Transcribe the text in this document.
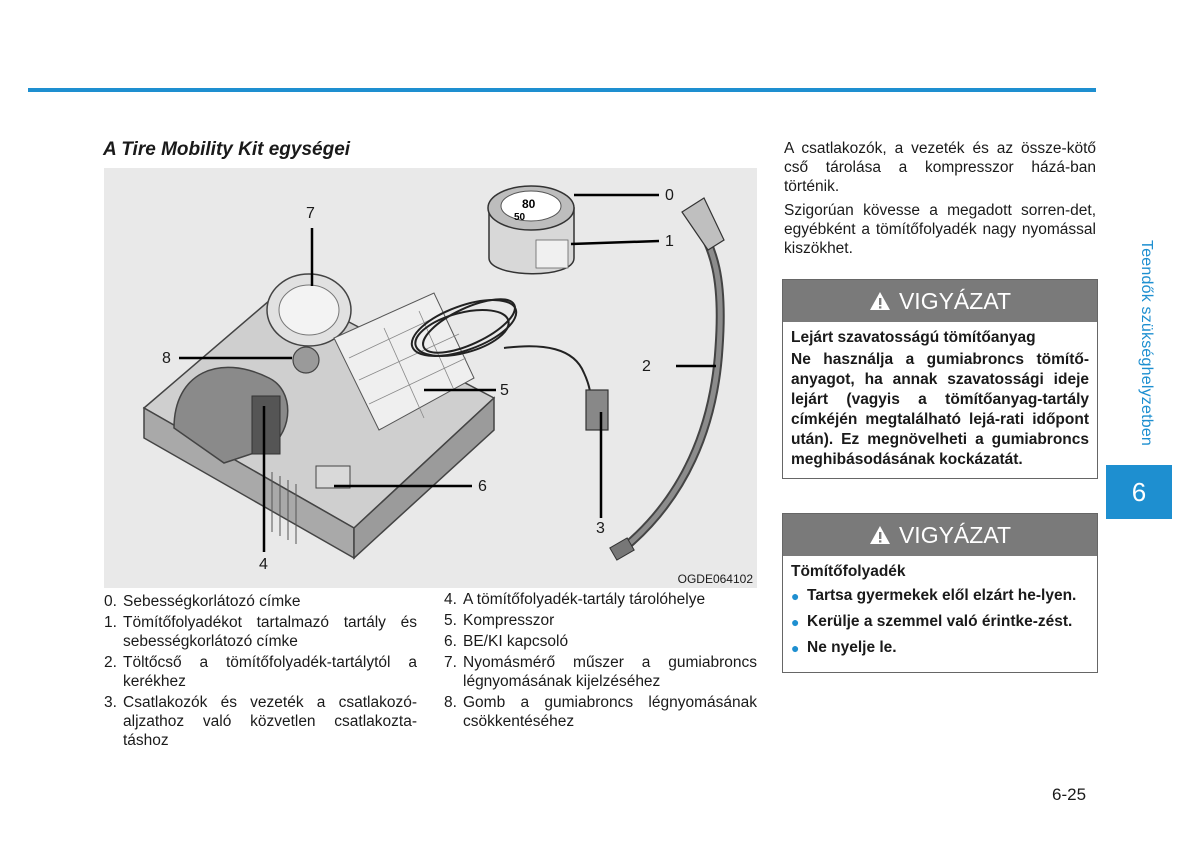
Teendők szükséghelyzetben
6
A Tire Mobility Kit egységei
80
50
7
8
4
5
6
3
2
0
1
OGDE064102
0. Sebességkorlátozó címke
1. Tömítőfolyadékot tartalmazó tartály és sebességkorlátozó címke
2. Töltőcső a tömítőfolyadék-tartálytól a kerékhez
3. Csatlakozók és vezeték a csatlakozó-aljzathoz való közvetlen csatlakozta-táshoz
4. A tömítőfolyadék-tartály tárolóhelye
5. Kompresszor
6. BE/KI kapcsoló
7. Nyomásmérő műszer a gumiabroncs légnyomásának kijelzéséhez
8. Gomb a gumiabroncs légnyomásának csökkentéséhez

A csatlakozók, a vezeték és az össze-kötő cső tárolása a kompresszor házá-ban történik.

Szigorúan kövesse a megadott sorren-det, egyébként a tömítőfolyadék nagy nyomással kiszökhet.

VIGYÁZAT
Lejárt szavatosságú tömítőanyag
Ne használja a gumiabroncs tömítő-anyagot, ha annak szavatossági ideje lejárt (vagyis a tömítőanyag-tartály címkéjén megtalálható lejá-rati időpont után). Ez megnövelheti a gumiabroncs meghibásodásának kockázatát.
VIGYÁZAT
Tömítőfolyadék
● Tartsa gyermekek elől elzárt he-lyen.
● Kerülje a szemmel való érintke-zést.
● Ne nyelje le.
6-25
